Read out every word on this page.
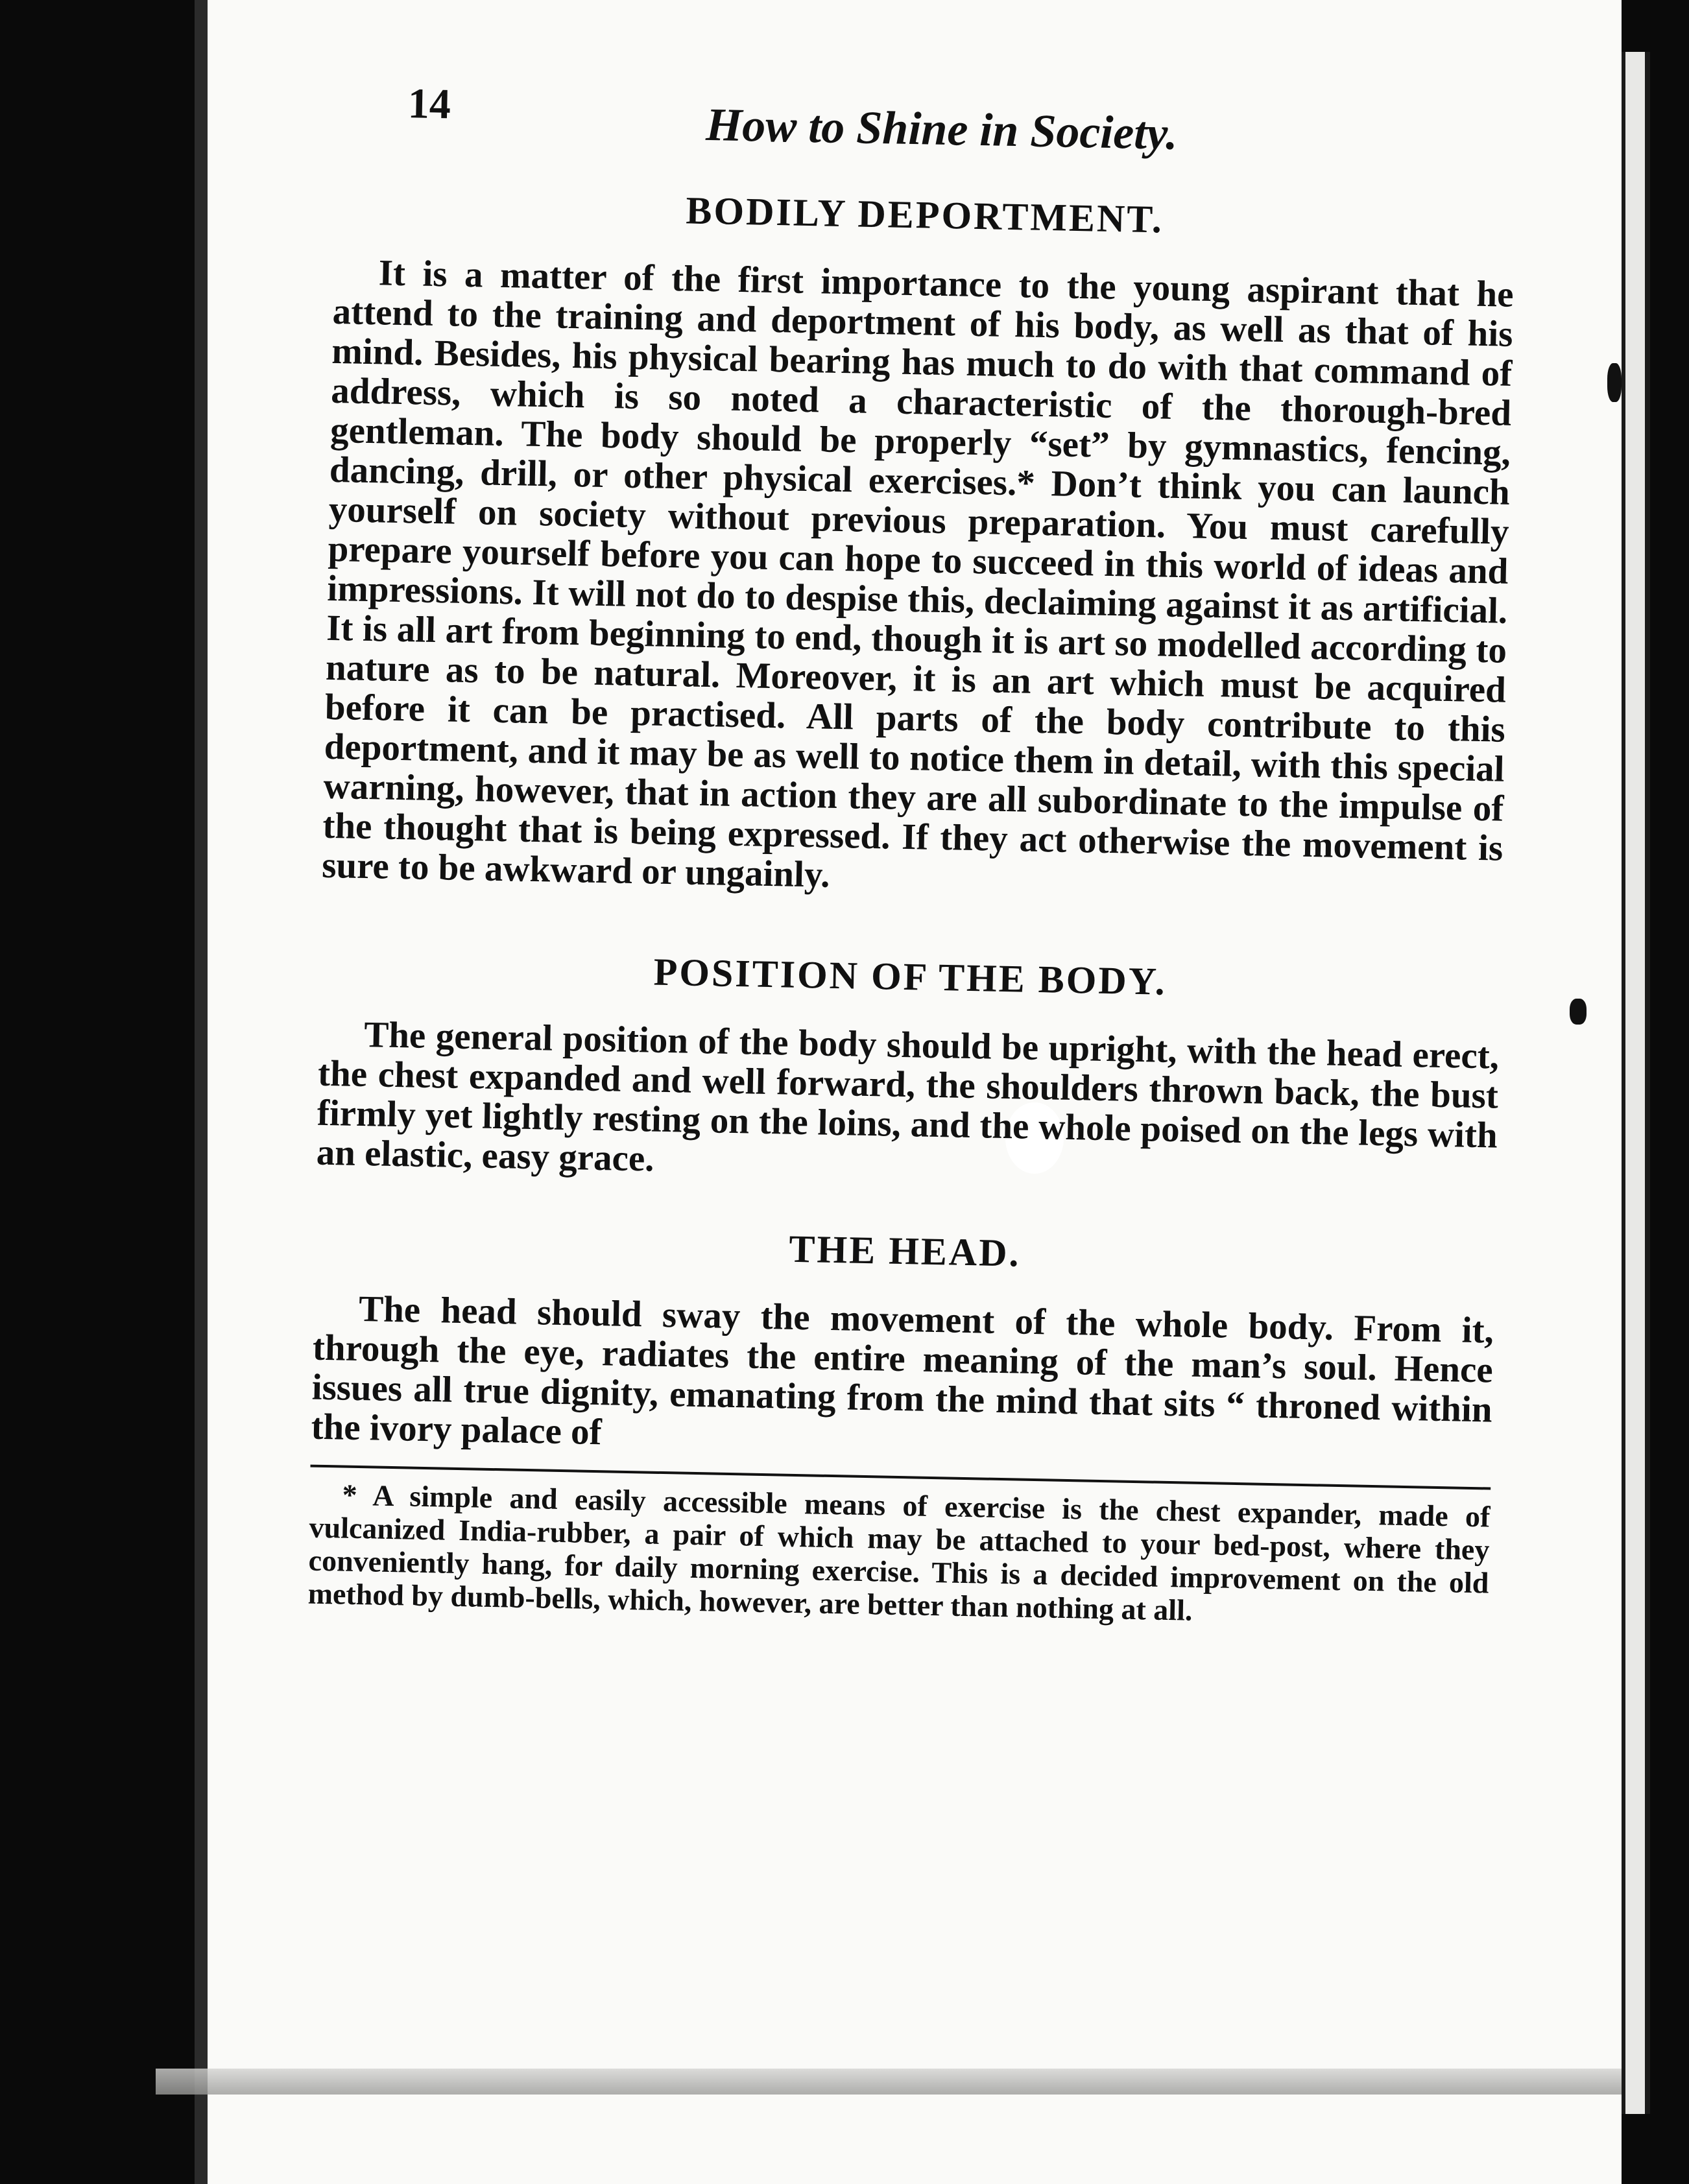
14	How to Shine in Society.
BODILY DEPORTMENT.

It is a matter of the first importance to the young aspirant that he attend to the training and deportment of his body, as well as that of his mind. Besides, his physical bearing has much to do with that command of address, which is so noted a characteristic of the thorough-bred gentleman. The body should be properly “set” by gymnastics, fencing, dancing, drill, or other physical exercises.* Don’t think you can launch yourself on society without previous preparation. You must carefully prepare yourself before you can hope to succeed in this world of ideas and impressions. It will not do to despise this, declaiming against it as artificial. It is all art from beginning to end, though it is art so modelled according to nature as to be natural. Moreover, it is an art which must be acquired before it can be practised. All parts of the body contribute to this deportment, and it may be as well to notice them in detail, with this special warning, however, that in action they are all subordinate to the impulse of the thought that is being expressed. If they act otherwise the movement is sure to be awkward or ungainly.

POSITION OF THE BODY.

The general position of the body should be upright, with the head erect, the chest expanded and well forward, the shoulders thrown back, the bust firmly yet lightly resting on the loins, and the whole poised on the legs with an elastic, easy grace.

THE HEAD.

The head should sway the movement of the whole body. From it, through the eye, radiates the entire meaning of the man’s soul. Hence issues all true dignity, emanating from the mind that sits “ throned within the ivory palace of

* A simple and easily accessible means of exercise is the chest expander, made of vulcanized India-rubber, a pair of which may be attached to your bed-post, where they conveniently hang, for daily morning exercise. This is a decided improvement on the old method by dumb-bells, which, however, are better than nothing at all.
